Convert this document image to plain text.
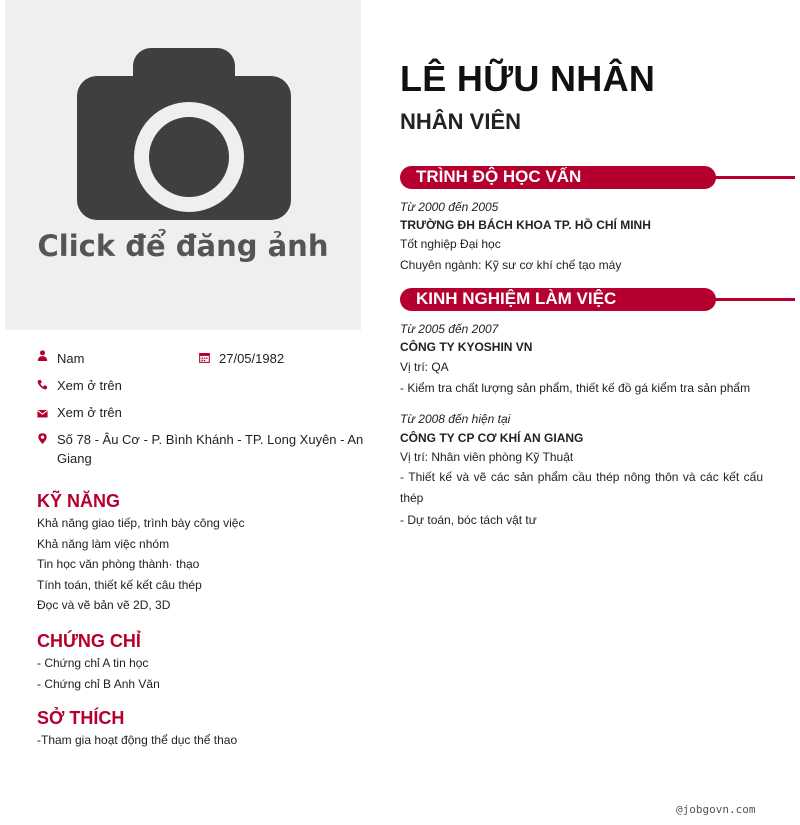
Click để đăng ảnh
Nam	27/05/1982
Xem ở trên
Xem ở trên
Số 78 - Âu Cơ - P. Bình Khánh - TP. Long Xuyên - An Giang
KỸ NĂNG
Khả năng giao tiếp, trình bày công việc
Khả năng làm việc nhóm
Tin học văn phòng thành· thạo
Tính toán, thiết kế kết câu thép
Đọc và vẽ bản vẽ 2D, 3D
CHỨNG CHỈ
- Chứng chỉ A tin học
- Chứng chỉ B Anh Văn
SỞ THÍCH
-Tham gia hoạt động thể dục thể thao
LÊ HỮU NHÂN
NHÂN VIÊN
TRÌNH ĐỘ HỌC VẤN
Từ 2000 đến 2005
TRƯỜNG ĐH BÁCH KHOA TP. HỒ CHÍ MINH
Tốt nghiệp Đại học
Chuyên ngành: Kỹ sư cơ khí chế tạo máy
KINH NGHIỆM LÀM VIỆC
Từ 2005 đến 2007
CÔNG TY KYOSHIN VN
Vị trí: QA
- Kiểm tra chất lượng sản phẩm, thiết kế đồ gá kiểm tra sản phẩm
Từ 2008 đến hiện tại
CÔNG TY CP CƠ KHÍ AN GIANG
Vị trí: Nhân viên phòng Kỹ Thuật
- Thiết kế và vẽ các sản phẩm cầu thép nông thôn và các kết cấu thép
- Dự toán, bóc tách vật tư
@jobgovn.com
